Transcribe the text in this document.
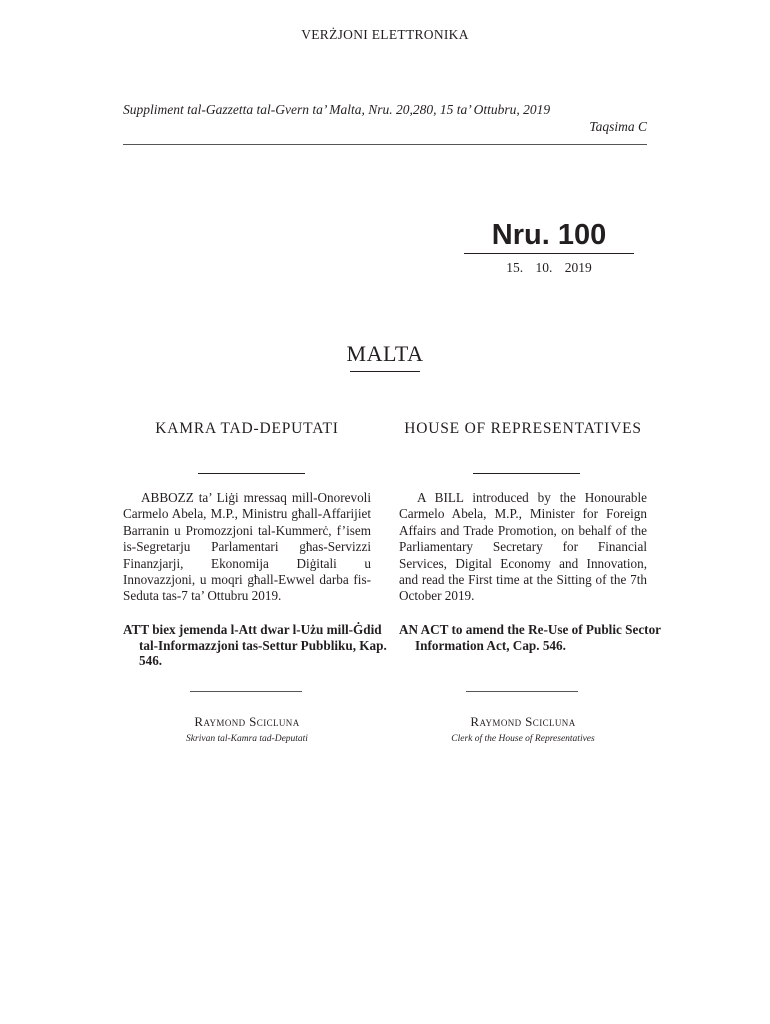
VERŻJONI ELETTRONIKA
Suppliment tal-Gazzetta tal-Gvern ta’ Malta, Nru. 20,280, 15 ta’ Ottubru, 2019
Taqsima C
Nru. 100
15. 10. 2019
MALTA
KAMRA TAD-DEPUTATI

ABBOZZ ta’ Liġi mressaq mill-Onorevoli Carmelo Abela, M.P., Ministru għall-Affarijiet Barranin u Promozzjoni tal-Kummerċ, f’isem is-Segretarju Parlamentari għas-Servizzi Finanzjarji, Ekonomija Diġitali u Innovazzjoni, u moqri għall-Ewwel darba fis-Seduta tas-7 ta’ Ottubru 2019.

ATT biex jemenda l-Att dwar l-Użu mill-Ġdid tal-Informazzjoni tas-Settur Pubbliku, Kap. 546.

Raymond Scicluna
Skrivan tal-Kamra tad-Deputati
HOUSE OF REPRESENTATIVES

A BILL introduced by the Honourable Carmelo Abela, M.P., Minister for Foreign Affairs and Trade Promotion, on behalf of the Parliamentary Secretary for Financial Services, Digital Economy and Innovation, and read the First time at the Sitting of the 7th October 2019.

AN ACT to amend the Re-Use of Public Sector Information Act, Cap. 546.

Raymond Scicluna
Clerk of the House of Representatives
